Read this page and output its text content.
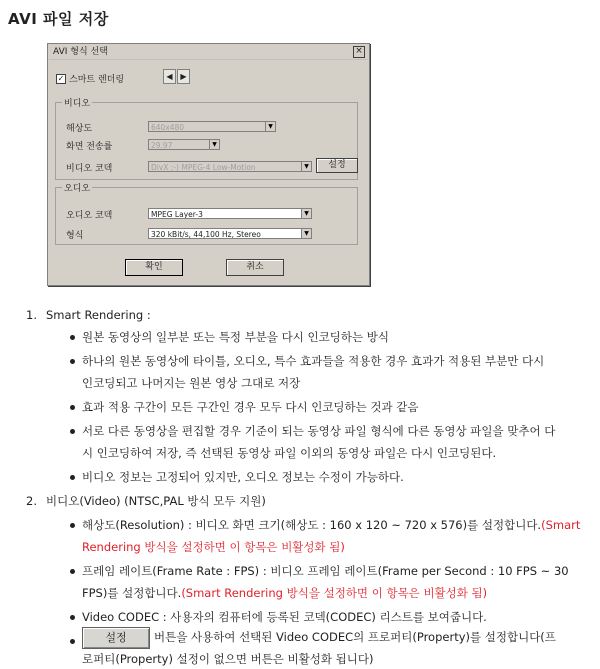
AVI 파일 저장
AVI 형식 선택	×
✓ 스마트 렌더링	◀ ▶
비디오
해상도	640x480	▼
화면 전송률	29.97	▼
비디오 코덱	DivX ;-) MPEG-4 Low-Motion	▼	설정
오디오
오디오 코덱	MPEG Layer-3	▼
형식	320 kBit/s, 44,100 Hz, Stereo	▼
확인	취소
1. Smart Rendering :
원본 동영상의 일부분 또는 특정 부분을 다시 인코딩하는 방식
하나의 원본 동영상에 타이틀, 오디오, 특수 효과들을 적용한 경우 효과가 적용된 부분만 다시
인코딩되고 나머지는 원본 영상 그대로 저장
효과 적용 구간이 모든 구간인 경우 모두 다시 인코딩하는 것과 같음
서로 다른 동영상을 편집할 경우 기준이 되는 동영상 파일 형식에 다른 동영상 파일을 맞추어 다
시 인코딩하여 저장, 즉 선택된 동영상 파일 이외의 동영상 파일은 다시 인코딩된다.
비디오 정보는 고정되어 있지만, 오디오 정보는 수정이 가능하다.
2. 비디오(Video) (NTSC,PAL 방식 모두 지원)
해상도(Resolution) : 비디오 화면 크기(해상도 : 160 x 120 ~ 720 x 576)를 설정합니다.(Smart
Rendering 방식을 설정하면 이 항목은 비활성화 됨)
프레임 레이트(Frame Rate : FPS) : 비디오 프레임 레이트(Frame per Second : 10 FPS ~ 30
FPS)를 설정합니다.(Smart Rendering 방식을 설정하면 이 항목은 비활성화 됨)
Video CODEC : 사용자의 컴퓨터에 등록된 코덱(CODEC) 리스트를 보여줍니다.
설정 버튼을 사용하여 선택된 Video CODEC의 프로퍼티(Property)를 설정합니다(프
로퍼티(Property) 설정이 없으면 버튼은 비활성화 됩니다)
